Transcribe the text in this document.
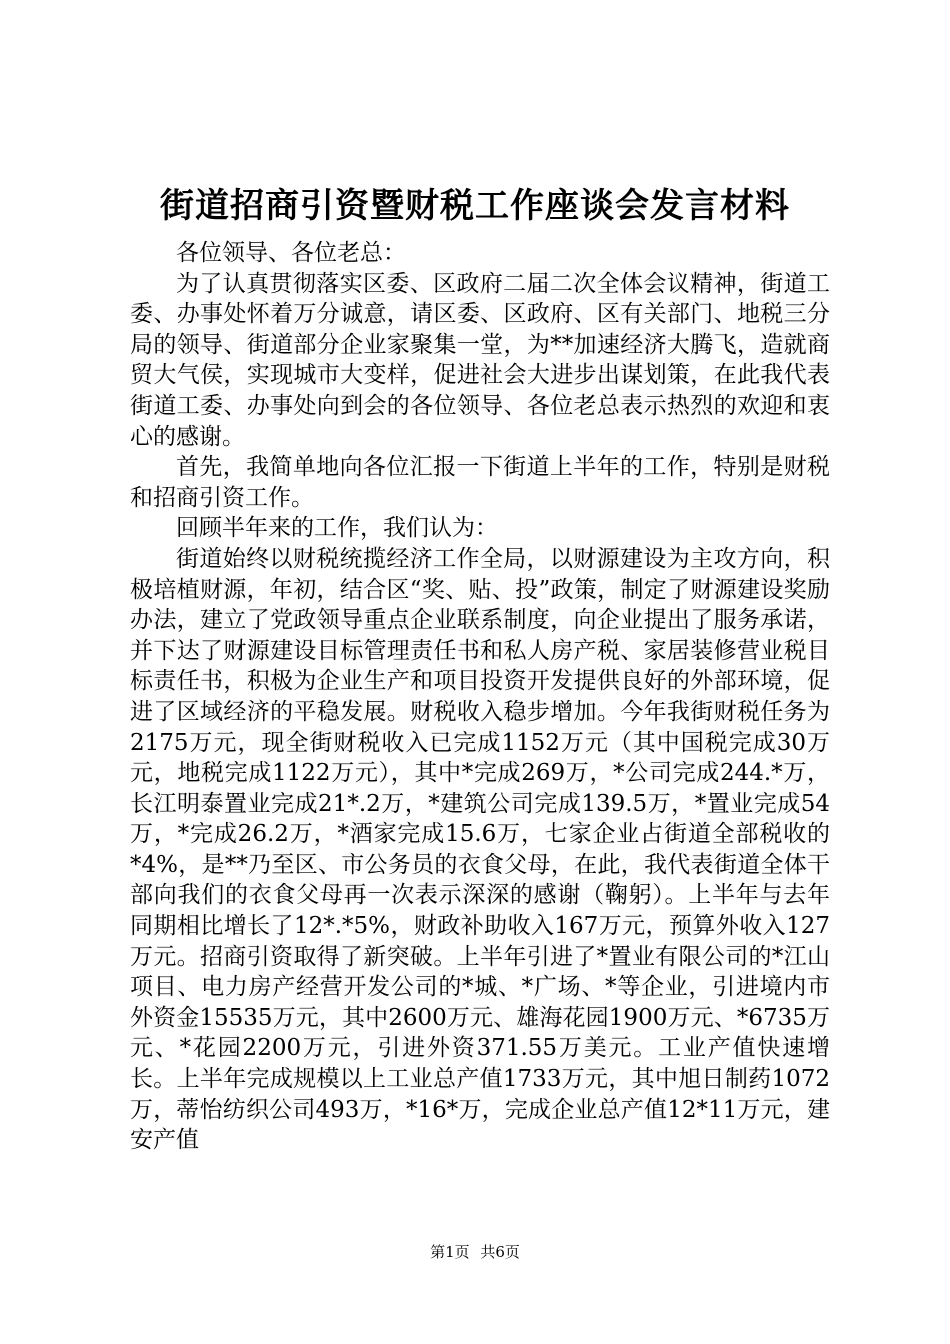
街道招商引资暨财税工作座谈会发言材料

各位领导、各位老总：

为了认真贯彻落实区委、区政府二届二次全体会议精神，街道工委、办事处怀着万分诚意，请区委、区政府、区有关部门、地税三分局的领导、街道部分企业家聚集一堂，为**加速经济大腾飞，造就商贸大气侯，实现城市大变样，促进社会大进步出谋划策，在此我代表街道工委、办事处向到会的各位领导、各位老总表示热烈的欢迎和衷心的感谢。

首先，我简单地向各位汇报一下街道上半年的工作，特别是财税和招商引资工作。

回顾半年来的工作，我们认为：

街道始终以财税统揽经济工作全局，以财源建设为主攻方向，积极培植财源，年初，结合区“奖、贴、投”政策，制定了财源建设奖励办法，建立了党政领导重点企业联系制度，向企业提出了服务承诺，并下达了财源建设目标管理责任书和私人房产税、家居装修营业税目标责任书，积极为企业生产和项目投资开发提供良好的外部环境，促进了区域经济的平稳发展。财税收入稳步增加。今年我街财税任务为2175万元，现全街财税收入已完成1152万元（其中国税完成30万元，地税完成1122万元），其中*完成269万，*公司完成244.*万，长江明泰置业完成21*.2万，*建筑公司完成139.5万，*置业完成54万，*完成26.2万，*酒家完成15.6万，七家企业占街道全部税收的*4%，是**乃至区、市公务员的衣食父母，在此，我代表街道全体干部向我们的衣食父母再一次表示深深的感谢（鞠躬）。上半年与去年同期相比增长了12*.*5%，财政补助收入167万元，预算外收入127万元。招商引资取得了新突破。上半年引进了*置业有限公司的*江山项目、电力房产经营开发公司的*城、*广场、*等企业，引进境内市外资金15535万元，其中2600万元、雄海花园1900万元、*6735万元、*花园2200万元，引进外资371.55万美元。工业产值快速增长。上半年完成规模以上工业总产值1733万元，其中旭日制药1072万，蒂怡纺织公司493万，*16*万，完成企业总产值12*11万元，建安产值

第1页 共6页
